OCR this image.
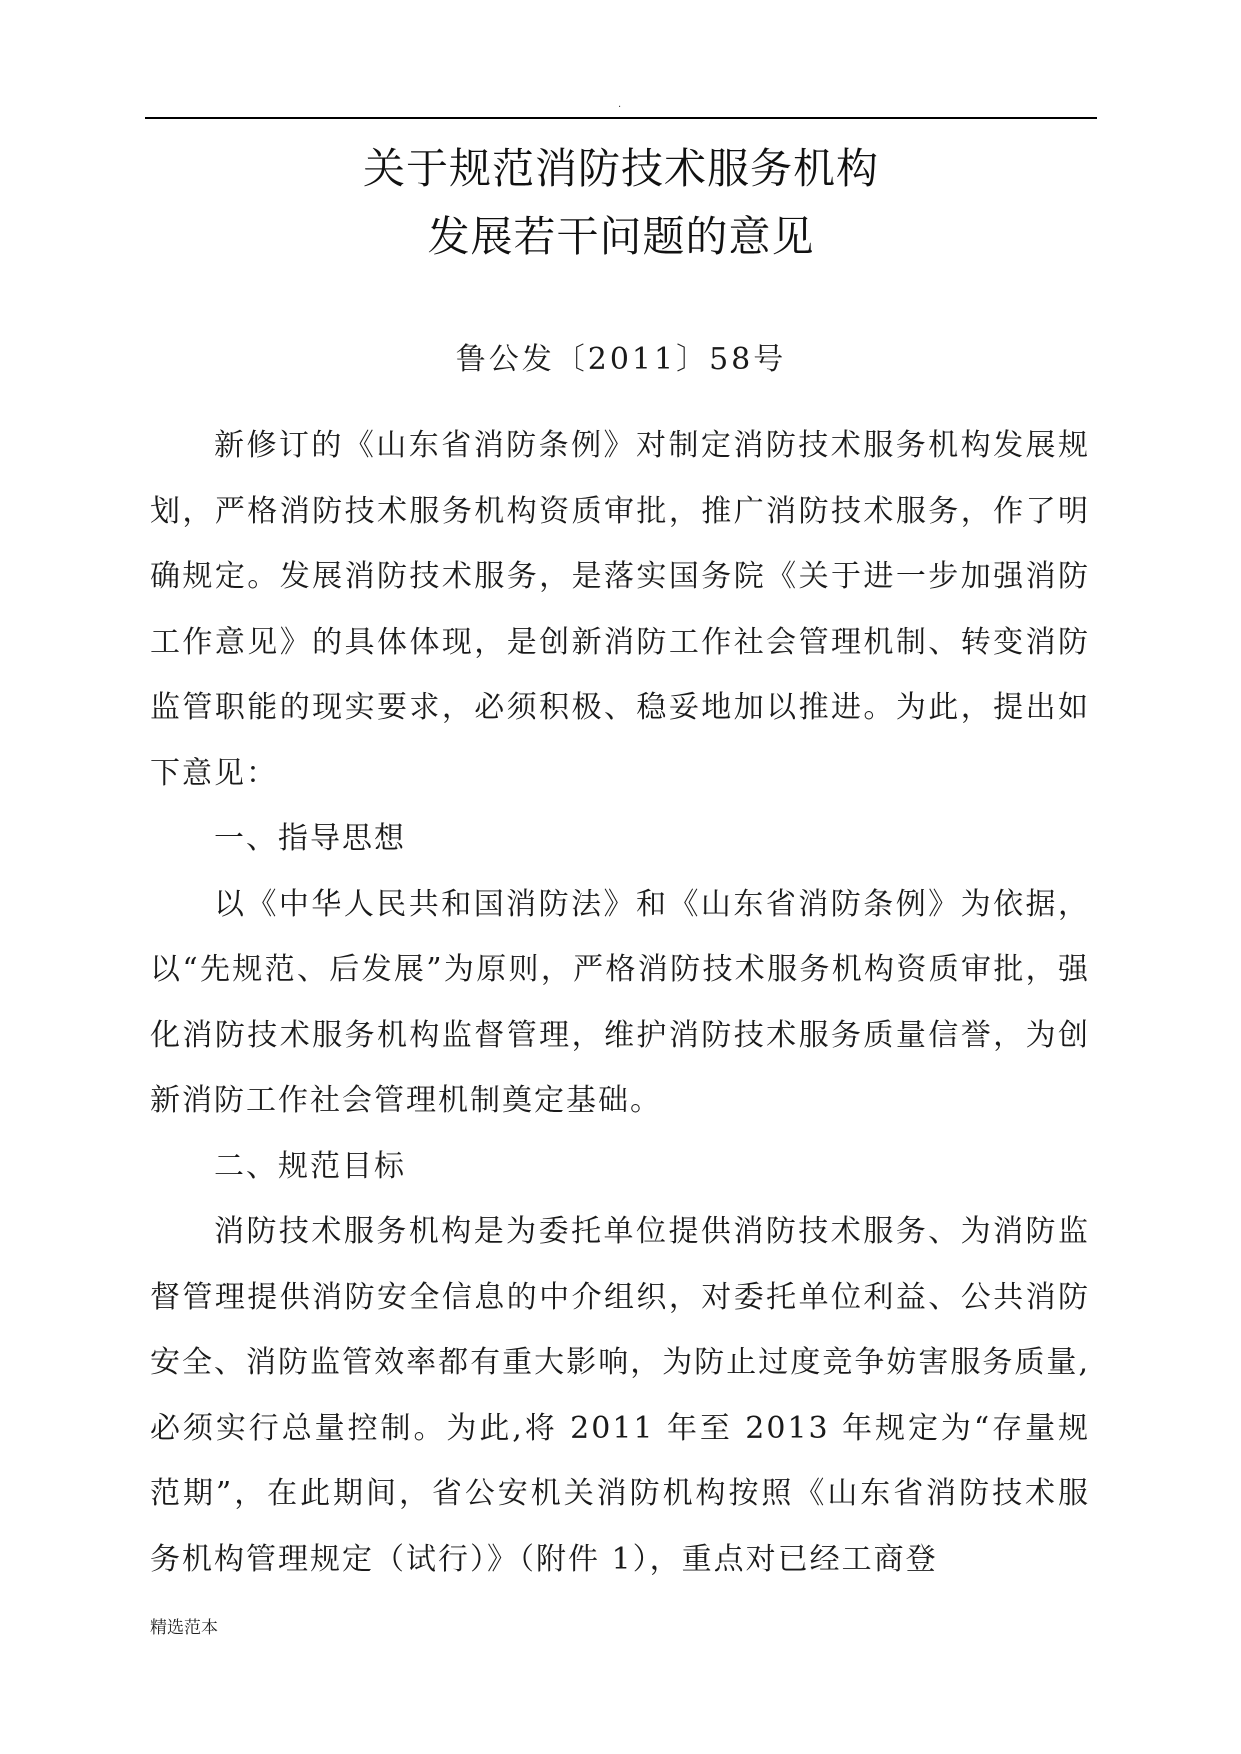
.
关于规范消防技术服务机构
发展若干问题的意见
鲁公发〔2011〕58号

新修订的《山东省消防条例》对制定消防技术服务机构发展规划，严格消防技术服务机构资质审批，推广消防技术服务，作了明确规定。发展消防技术服务，是落实国务院《关于进一步加强消防工作意见》的具体体现，是创新消防工作社会管理机制、转变消防监管职能的现实要求，必须积极、稳妥地加以推进。为此，提出如下意见：

一、指导思想

以《中华人民共和国消防法》和《山东省消防条例》为依据，以“先规范、后发展”为原则，严格消防技术服务机构资质审批，强化消防技术服务机构监督管理，维护消防技术服务质量信誉，为创新消防工作社会管理机制奠定基础。

二、规范目标

消防技术服务机构是为委托单位提供消防技术服务、为消防监督管理提供消防安全信息的中介组织，对委托单位利益、公共消防安全、消防监管效率都有重大影响，为防止过度竞争妨害服务质量,必须实行总量控制。为此,将 2011 年至 2013 年规定为“存量规范期”，在此期间，省公安机关消防机构按照《山东省消防技术服务机构管理规定（试行）》（附件 1），重点对已经工商登

精选范本
